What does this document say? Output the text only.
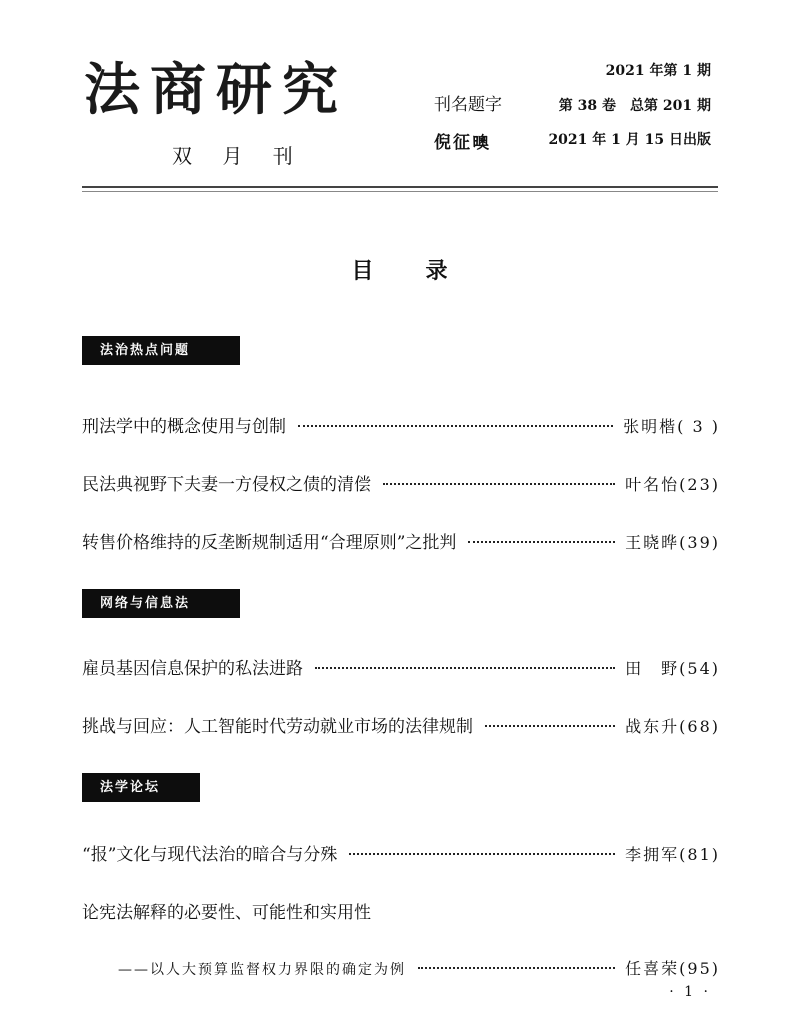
法商研究
双 月 刊
刊名题字
倪征𣋉
2021 年第 1 期
第 38 卷　总第 201 期
2021 年 1 月 15 日出版
目录
法治热点问题
刑法学中的概念使用与创制	张明楷( 3 )
民法典视野下夫妻一方侵权之债的清偿	叶名怡(23)
转售价格维持的反垄断规制适用“合理原则”之批判	王晓晔(39)
网络与信息法
雇员基因信息保护的私法进路	田　野(54)
挑战与回应：人工智能时代劳动就业市场的法律规制	战东升(68)
法学论坛
“报”文化与现代法治的暗合与分殊	李拥军(81)
论宪法解释的必要性、可能性和实用性
——以人大预算监督权力界限的确定为例	任喜荣(95)
· 1 ·
